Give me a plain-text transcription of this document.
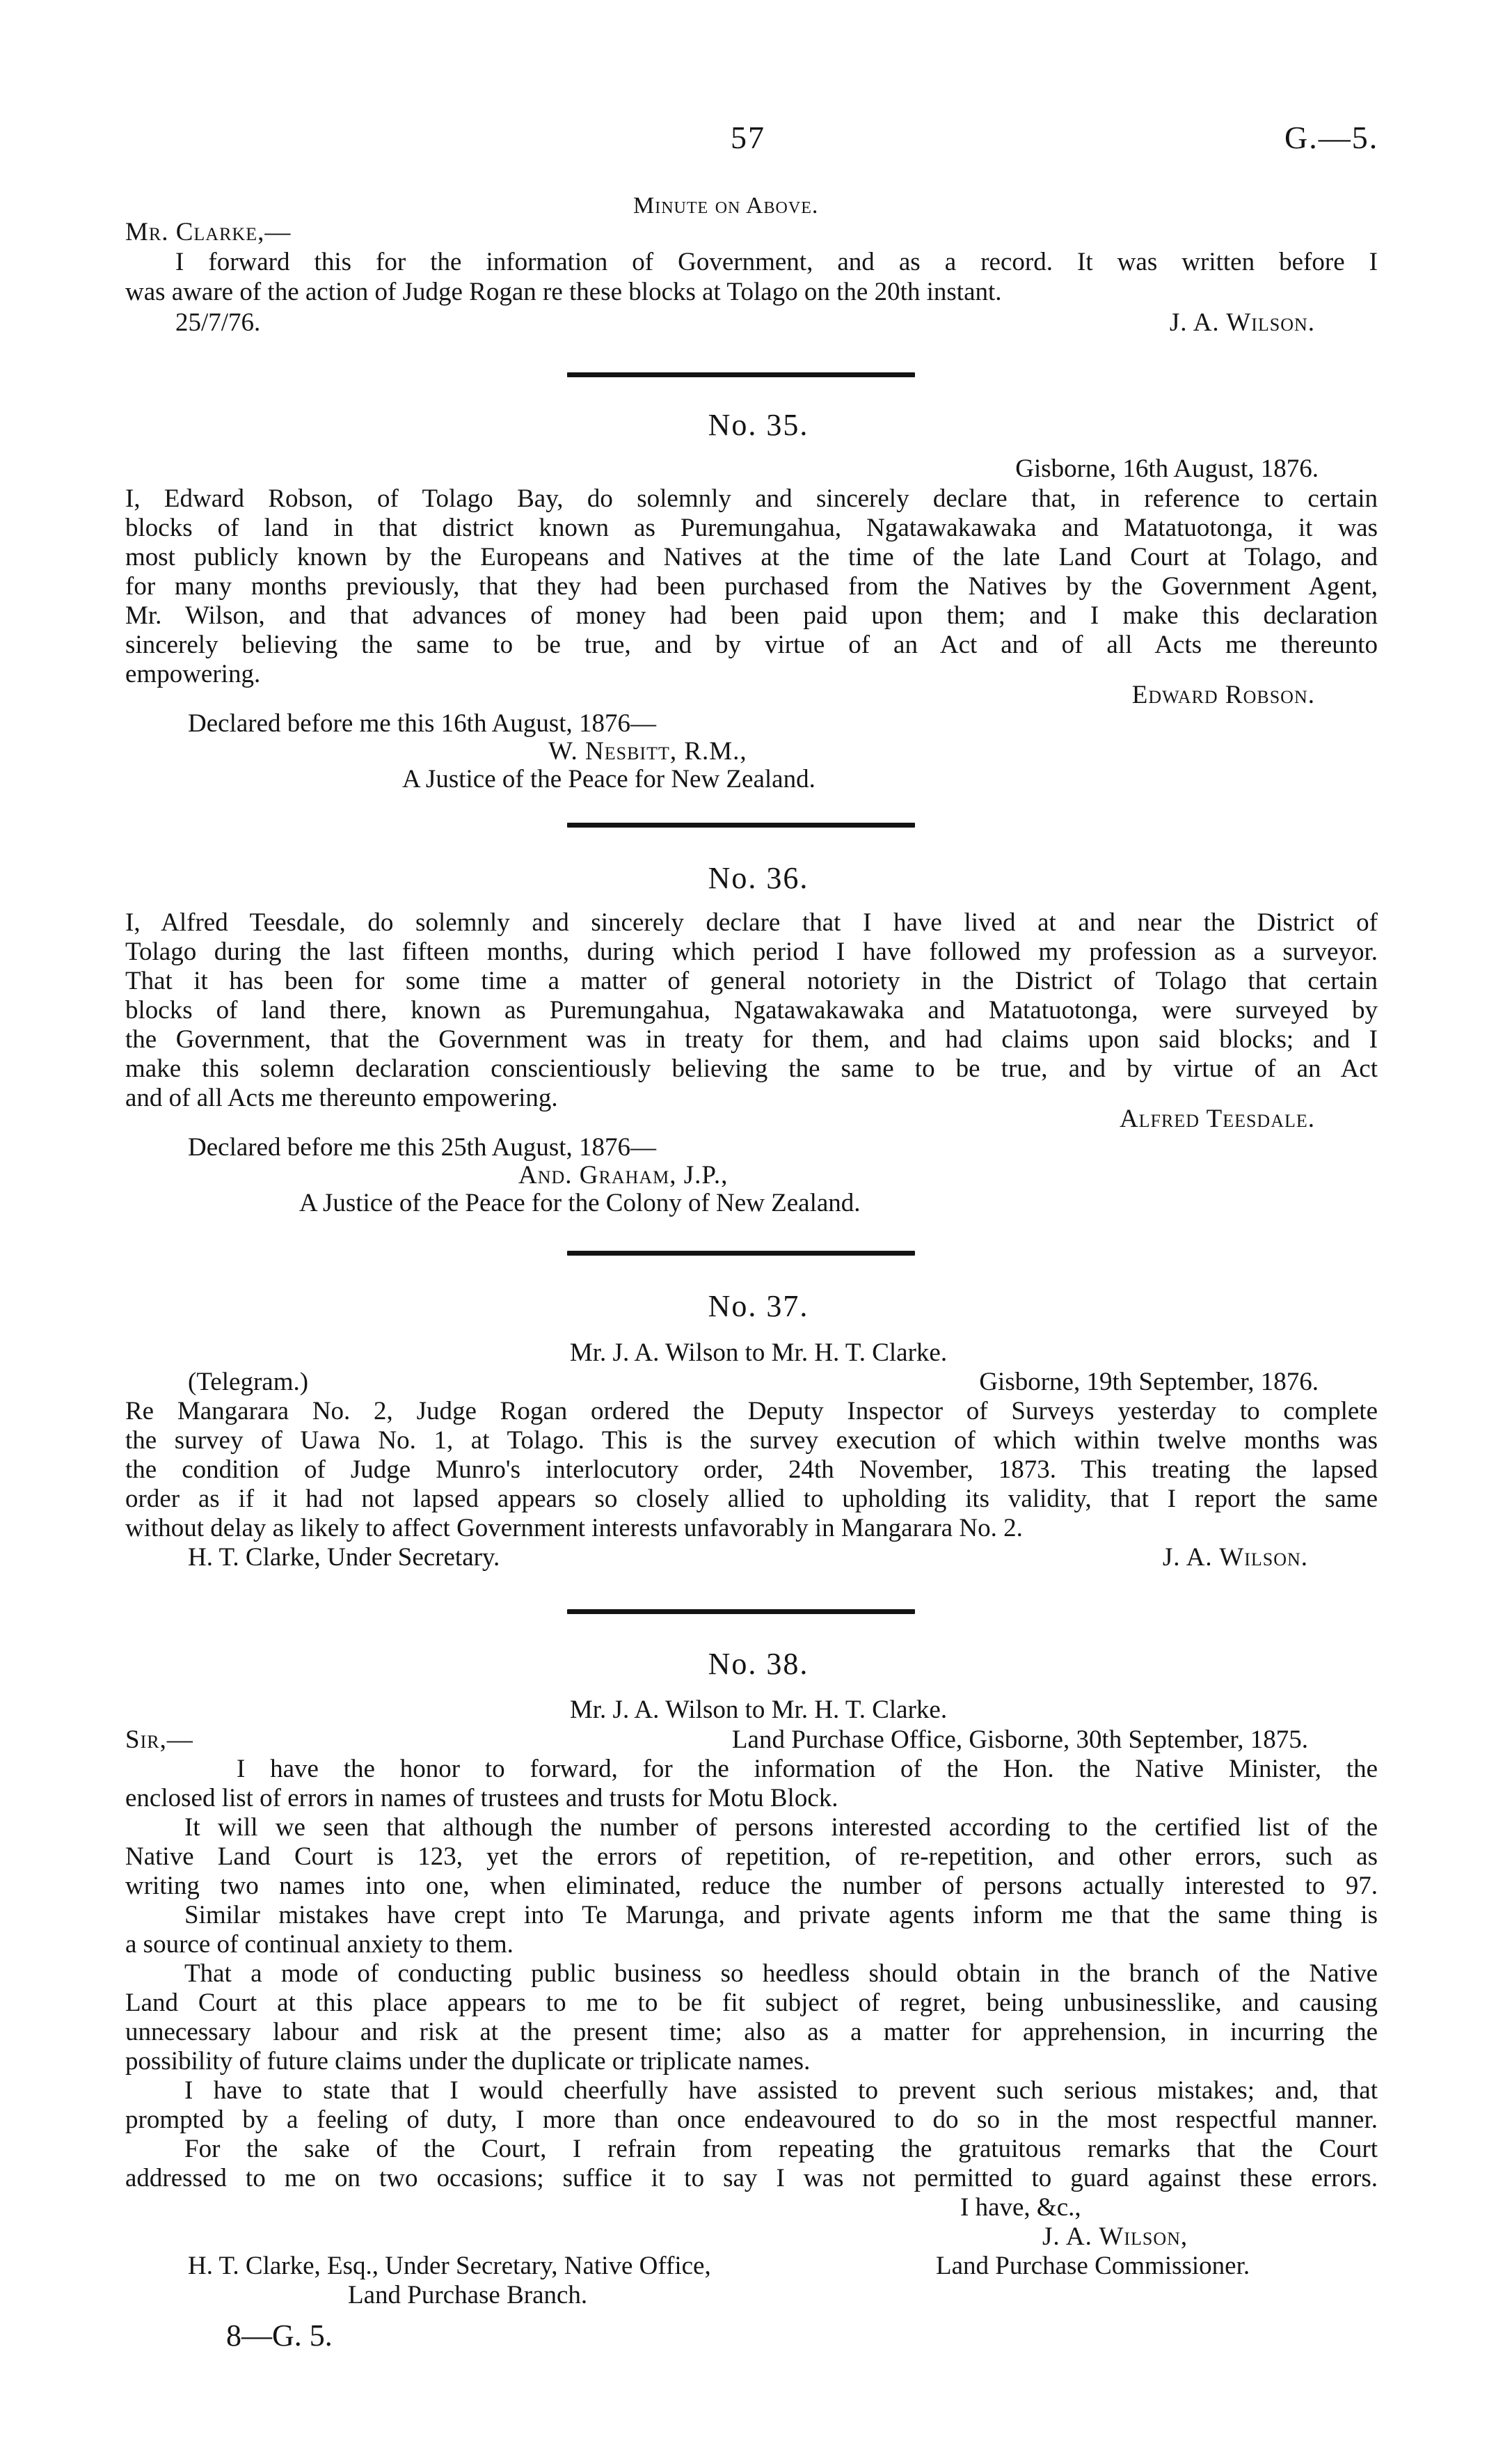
57	G.—5.

Minute on Above.

Mr. Clarke,—

I forward this for the information of Government, and as a record. It was written before I

was aware of the action of Judge Rogan re these blocks at Tolago on the 20th instant.

25/7/76.	J. A. Wilson.

No. 35.

Gisborne, 16th August, 1876.

I, Edward Robson, of Tolago Bay, do solemnly and sincerely declare that, in reference to certain

blocks of land in that district known as Puremungahua, Ngatawakawaka and Matatuotonga, it was

most publicly known by the Europeans and Natives at the time of the late Land Court at Tolago, and

for many months previously, that they had been purchased from the Natives by the Government Agent,

Mr. Wilson, and that advances of money had been paid upon them; and I make this declaration

sincerely believing the same to be true, and by virtue of an Act and of all Acts me thereunto

empowering.

Edward Robson.

Declared before me this 16th August, 1876—

W. Nesbitt, R.M.,

A Justice of the Peace for New Zealand.

No. 36.

I, Alfred Teesdale, do solemnly and sincerely declare that I have lived at and near the District of

Tolago during the last fifteen months, during which period I have followed my profession as a surveyor.

That it has been for some time a matter of general notoriety in the District of Tolago that certain

blocks of land there, known as Puremungahua, Ngatawakawaka and Matatuotonga, were surveyed by

the Government, that the Government was in treaty for them, and had claims upon said blocks; and I

make this solemn declaration conscientiously believing the same to be true, and by virtue of an Act

and of all Acts me thereunto empowering.

Alfred Teesdale.

Declared before me this 25th August, 1876—

And. Graham, J.P.,

A Justice of the Peace for the Colony of New Zealand.

No. 37.

Mr. J. A. Wilson to Mr. H. T. Clarke.

(Telegram.)	Gisborne, 19th September, 1876.

Re Mangarara No. 2, Judge Rogan ordered the Deputy Inspector of Surveys yesterday to complete

the survey of Uawa No. 1, at Tolago. This is the survey execution of which within twelve months was

the condition of Judge Munro's interlocutory order, 24th November, 1873. This treating the lapsed

order as if it had not lapsed appears so closely allied to upholding its validity, that I report the same

without delay as likely to affect Government interests unfavorably in Mangarara No. 2.

H. T. Clarke, Under Secretary.	J. A. Wilson.

No. 38.

Mr. J. A. Wilson to Mr. H. T. Clarke.

Sir,—	Land Purchase Office, Gisborne, 30th September, 1875.

I have the honor to forward, for the information of the Hon. the Native Minister, the

enclosed list of errors in names of trustees and trusts for Motu Block.

It will we seen that although the number of persons interested according to the certified list of the

Native Land Court is 123, yet the errors of repetition, of re-repetition, and other errors, such as

writing two names into one, when eliminated, reduce the number of persons actually interested to 97.

Similar mistakes have crept into Te Marunga, and private agents inform me that the same thing is

a source of continual anxiety to them.

That a mode of conducting public business so heedless should obtain in the branch of the Native

Land Court at this place appears to me to be fit subject of regret, being unbusinesslike, and causing

unnecessary labour and risk at the present time; also as a matter for apprehension, in incurring the

possibility of future claims under the duplicate or triplicate names.

I have to state that I would cheerfully have assisted to prevent such serious mistakes; and, that

prompted by a feeling of duty, I more than once endeavoured to do so in the most respectful manner.

For the sake of the Court, I refrain from repeating the gratuitous remarks that the Court

addressed to me on two occasions; suffice it to say I was not permitted to guard against these errors.

I have, &c.,

J. A. Wilson,

H. T. Clarke, Esq., Under Secretary, Native Office,	Land Purchase Commissioner.

Land Purchase Branch.

8—G. 5.
